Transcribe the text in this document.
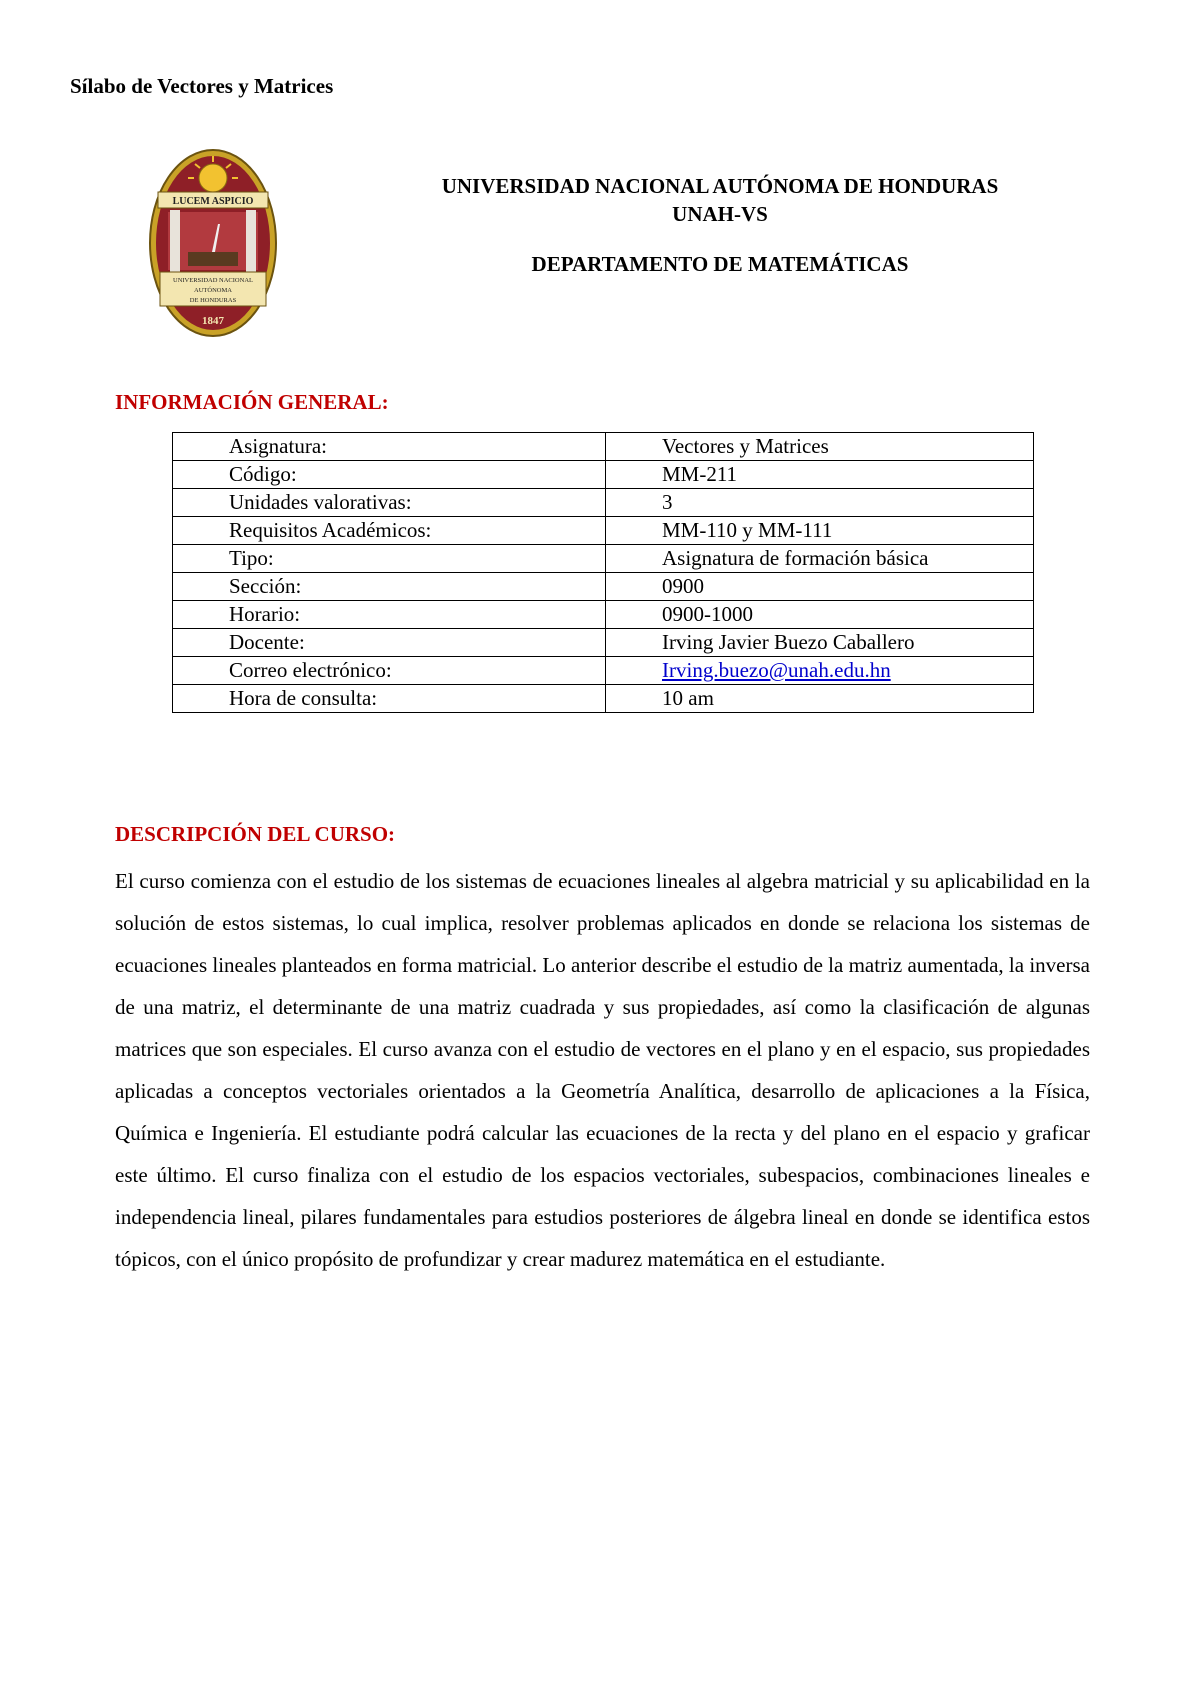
Sílabo de Vectores y Matrices
LUCEM ASPICIO
UNIVERSIDAD NACIONAL
AUTÓNOMA
DE HONDURAS
1847
UNIVERSIDAD NACIONAL AUTÓNOMA DE HONDURAS
UNAH-VS
DEPARTAMENTO DE MATEMÁTICAS
INFORMACIÓN GENERAL:
Asignatura:	Vectores y Matrices
Código:	MM-211
Unidades valorativas:	3
Requisitos Académicos:	MM-110 y MM-111
Tipo:	Asignatura de formación básica
Sección:	0900
Horario:	0900-1000
Docente:	Irving Javier Buezo Caballero
Correo electrónico:	Irving.buezo@unah.edu.hn
Hora de consulta:	10 am
DESCRIPCIÓN DEL CURSO:
El curso comienza con el estudio de los sistemas de ecuaciones lineales al algebra matricial y su aplicabilidad en la solución de estos sistemas, lo cual implica, resolver problemas aplicados en donde se relaciona los sistemas de ecuaciones lineales planteados en forma matricial. Lo anterior describe el estudio de la matriz aumentada, la inversa de una matriz, el determinante de una matriz cuadrada y sus propiedades, así como la clasificación de algunas matrices que son especiales. El curso avanza con el estudio de vectores en el plano y en el espacio, sus propiedades aplicadas a conceptos vectoriales orientados a la Geometría Analítica, desarrollo de aplicaciones a la Física, Química e Ingeniería. El estudiante podrá calcular las ecuaciones de la recta y del plano en el espacio y graficar este último. El curso finaliza con el estudio de los espacios vectoriales, subespacios, combinaciones lineales e independencia lineal, pilares fundamentales para estudios posteriores de álgebra lineal en donde se identifica estos tópicos, con el único propósito de profundizar y crear madurez matemática en el estudiante.
